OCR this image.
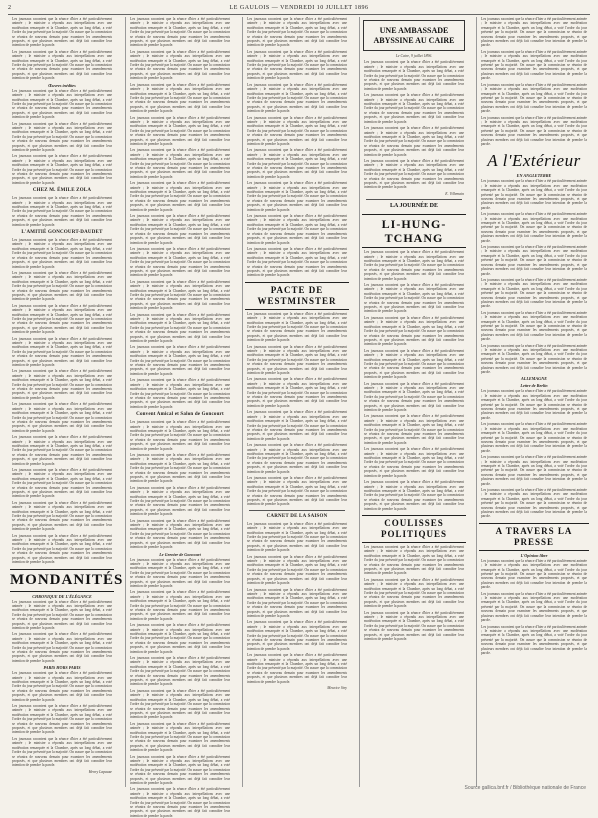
2	LE GAULOIS — VENDREDI 10 JUILLET 1896

Les journaux racontent que la séance d'hier a été particulièrement animée ; le ministre a répondu aux interpellations avec une modération remarquée et la Chambre, après un long débat, a voté l'ordre du jour présenté par la majorité. On assure que la commission se réunira de nouveau demain pour examiner les amendements proposés, et que plusieurs membres ont déjà fait connaître leur intention de prendre la parole.

Les journaux racontent que la séance d'hier a été particulièrement animée ; le ministre a répondu aux interpellations avec une modération remarquée et la Chambre, après un long débat, a voté l'ordre du jour présenté par la majorité. On assure que la commission se réunira de nouveau demain pour examiner les amendements proposés, et que plusieurs membres ont déjà fait connaître leur intention de prendre la parole.

Œuvres inédites

Les journaux racontent que la séance d'hier a été particulièrement animée ; le ministre a répondu aux interpellations avec une modération remarquée et la Chambre, après un long débat, a voté l'ordre du jour présenté par la majorité. On assure que la commission se réunira de nouveau demain pour examiner les amendements proposés, et que plusieurs membres ont déjà fait connaître leur intention de prendre la parole.

Les journaux racontent que la séance d'hier a été particulièrement animée ; le ministre a répondu aux interpellations avec une modération remarquée et la Chambre, après un long débat, a voté l'ordre du jour présenté par la majorité. On assure que la commission se réunira de nouveau demain pour examiner les amendements proposés, et que plusieurs membres ont déjà fait connaître leur intention de prendre la parole.

Les journaux racontent que la séance d'hier a été particulièrement animée ; le ministre a répondu aux interpellations avec une modération remarquée et la Chambre, après un long débat, a voté l'ordre du jour présenté par la majorité. On assure que la commission se réunira de nouveau demain pour examiner les amendements proposés, et que plusieurs membres ont déjà fait connaître leur intention de prendre la parole.

CHEZ M. ÉMILE ZOLA

Les journaux racontent que la séance d'hier a été particulièrement animée ; le ministre a répondu aux interpellations avec une modération remarquée et la Chambre, après un long débat, a voté l'ordre du jour présenté par la majorité. On assure que la commission se réunira de nouveau demain pour examiner les amendements proposés, et que plusieurs membres ont déjà fait connaître leur intention de prendre la parole.

L'AMITIÉ GONCOURT-DAUDET

Les journaux racontent que la séance d'hier a été particulièrement animée ; le ministre a répondu aux interpellations avec une modération remarquée et la Chambre, après un long débat, a voté l'ordre du jour présenté par la majorité. On assure que la commission se réunira de nouveau demain pour examiner les amendements proposés, et que plusieurs membres ont déjà fait connaître leur intention de prendre la parole.

Les journaux racontent que la séance d'hier a été particulièrement animée ; le ministre a répondu aux interpellations avec une modération remarquée et la Chambre, après un long débat, a voté l'ordre du jour présenté par la majorité. On assure que la commission se réunira de nouveau demain pour examiner les amendements proposés, et que plusieurs membres ont déjà fait connaître leur intention de prendre la parole.

Les journaux racontent que la séance d'hier a été particulièrement animée ; le ministre a répondu aux interpellations avec une modération remarquée et la Chambre, après un long débat, a voté l'ordre du jour présenté par la majorité. On assure que la commission se réunira de nouveau demain pour examiner les amendements proposés, et que plusieurs membres ont déjà fait connaître leur intention de prendre la parole.

Les journaux racontent que la séance d'hier a été particulièrement animée ; le ministre a répondu aux interpellations avec une modération remarquée et la Chambre, après un long débat, a voté l'ordre du jour présenté par la majorité. On assure que la commission se réunira de nouveau demain pour examiner les amendements proposés, et que plusieurs membres ont déjà fait connaître leur intention de prendre la parole.

Les journaux racontent que la séance d'hier a été particulièrement animée ; le ministre a répondu aux interpellations avec une modération remarquée et la Chambre, après un long débat, a voté l'ordre du jour présenté par la majorité. On assure que la commission se réunira de nouveau demain pour examiner les amendements proposés, et que plusieurs membres ont déjà fait connaître leur intention de prendre la parole.

Les journaux racontent que la séance d'hier a été particulièrement animée ; le ministre a répondu aux interpellations avec une modération remarquée et la Chambre, après un long débat, a voté l'ordre du jour présenté par la majorité. On assure que la commission se réunira de nouveau demain pour examiner les amendements proposés, et que plusieurs membres ont déjà fait connaître leur intention de prendre la parole.

Les journaux racontent que la séance d'hier a été particulièrement animée ; le ministre a répondu aux interpellations avec une modération remarquée et la Chambre, après un long débat, a voté l'ordre du jour présenté par la majorité. On assure que la commission se réunira de nouveau demain pour examiner les amendements proposés, et que plusieurs membres ont déjà fait connaître leur intention de prendre la parole.

Les journaux racontent que la séance d'hier a été particulièrement animée ; le ministre a répondu aux interpellations avec une modération remarquée et la Chambre, après un long débat, a voté l'ordre du jour présenté par la majorité. On assure que la commission se réunira de nouveau demain pour examiner les amendements proposés, et que plusieurs membres ont déjà fait connaître leur intention de prendre la parole.

Les journaux racontent que la séance d'hier a été particulièrement animée ; le ministre a répondu aux interpellations avec une modération remarquée et la Chambre, après un long débat, a voté l'ordre du jour présenté par la majorité. On assure que la commission se réunira de nouveau demain pour examiner les amendements proposés, et que plusieurs membres ont déjà fait connaître leur intention de prendre la parole.

Les journaux racontent que la séance d'hier a été particulièrement animée ; le ministre a répondu aux interpellations avec une modération remarquée et la Chambre, après un long débat, a voté l'ordre du jour présenté par la majorité. On assure que la commission se réunira de nouveau demain pour examiner les amendements proposés, et que plusieurs membres ont déjà fait connaître leur intention de prendre la parole.

MONDANITÉS
CHRONIQUE DE L'ÉLÉGANCE

Les journaux racontent que la séance d'hier a été particulièrement animée ; le ministre a répondu aux interpellations avec une modération remarquée et la Chambre, après un long débat, a voté l'ordre du jour présenté par la majorité. On assure que la commission se réunira de nouveau demain pour examiner les amendements proposés, et que plusieurs membres ont déjà fait connaître leur intention de prendre la parole.

Les journaux racontent que la séance d'hier a été particulièrement animée ; le ministre a répondu aux interpellations avec une modération remarquée et la Chambre, après un long débat, a voté l'ordre du jour présenté par la majorité. On assure que la commission se réunira de nouveau demain pour examiner les amendements proposés, et que plusieurs membres ont déjà fait connaître leur intention de prendre la parole.

PARIS HORS PARIS

Les journaux racontent que la séance d'hier a été particulièrement animée ; le ministre a répondu aux interpellations avec une modération remarquée et la Chambre, après un long débat, a voté l'ordre du jour présenté par la majorité. On assure que la commission se réunira de nouveau demain pour examiner les amendements proposés, et que plusieurs membres ont déjà fait connaître leur intention de prendre la parole.

Les journaux racontent que la séance d'hier a été particulièrement animée ; le ministre a répondu aux interpellations avec une modération remarquée et la Chambre, après un long débat, a voté l'ordre du jour présenté par la majorité. On assure que la commission se réunira de nouveau demain pour examiner les amendements proposés, et que plusieurs membres ont déjà fait connaître leur intention de prendre la parole.

Les journaux racontent que la séance d'hier a été particulièrement animée ; le ministre a répondu aux interpellations avec une modération remarquée et la Chambre, après un long débat, a voté l'ordre du jour présenté par la majorité. On assure que la commission se réunira de nouveau demain pour examiner les amendements proposés, et que plusieurs membres ont déjà fait connaître leur intention de prendre la parole.

Henry Lapauze

Les journaux racontent que la séance d'hier a été particulièrement animée ; le ministre a répondu aux interpellations avec une modération remarquée et la Chambre, après un long débat, a voté l'ordre du jour présenté par la majorité. On assure que la commission se réunira de nouveau demain pour examiner les amendements proposés, et que plusieurs membres ont déjà fait connaître leur intention de prendre la parole.

Les journaux racontent que la séance d'hier a été particulièrement animée ; le ministre a répondu aux interpellations avec une modération remarquée et la Chambre, après un long débat, a voté l'ordre du jour présenté par la majorité. On assure que la commission se réunira de nouveau demain pour examiner les amendements proposés, et que plusieurs membres ont déjà fait connaître leur intention de prendre la parole.

Les journaux racontent que la séance d'hier a été particulièrement animée ; le ministre a répondu aux interpellations avec une modération remarquée et la Chambre, après un long débat, a voté l'ordre du jour présenté par la majorité. On assure que la commission se réunira de nouveau demain pour examiner les amendements proposés, et que plusieurs membres ont déjà fait connaître leur intention de prendre la parole.

Les journaux racontent que la séance d'hier a été particulièrement animée ; le ministre a répondu aux interpellations avec une modération remarquée et la Chambre, après un long débat, a voté l'ordre du jour présenté par la majorité. On assure que la commission se réunira de nouveau demain pour examiner les amendements proposés, et que plusieurs membres ont déjà fait connaître leur intention de prendre la parole.

Les journaux racontent que la séance d'hier a été particulièrement animée ; le ministre a répondu aux interpellations avec une modération remarquée et la Chambre, après un long débat, a voté l'ordre du jour présenté par la majorité. On assure que la commission se réunira de nouveau demain pour examiner les amendements proposés, et que plusieurs membres ont déjà fait connaître leur intention de prendre la parole.

Les journaux racontent que la séance d'hier a été particulièrement animée ; le ministre a répondu aux interpellations avec une modération remarquée et la Chambre, après un long débat, a voté l'ordre du jour présenté par la majorité. On assure que la commission se réunira de nouveau demain pour examiner les amendements proposés, et que plusieurs membres ont déjà fait connaître leur intention de prendre la parole.

Les journaux racontent que la séance d'hier a été particulièrement animée ; le ministre a répondu aux interpellations avec une modération remarquée et la Chambre, après un long débat, a voté l'ordre du jour présenté par la majorité. On assure que la commission se réunira de nouveau demain pour examiner les amendements proposés, et que plusieurs membres ont déjà fait connaître leur intention de prendre la parole.

Les journaux racontent que la séance d'hier a été particulièrement animée ; le ministre a répondu aux interpellations avec une modération remarquée et la Chambre, après un long débat, a voté l'ordre du jour présenté par la majorité. On assure que la commission se réunira de nouveau demain pour examiner les amendements proposés, et que plusieurs membres ont déjà fait connaître leur intention de prendre la parole.

Les journaux racontent que la séance d'hier a été particulièrement animée ; le ministre a répondu aux interpellations avec une modération remarquée et la Chambre, après un long débat, a voté l'ordre du jour présenté par la majorité. On assure que la commission se réunira de nouveau demain pour examiner les amendements proposés, et que plusieurs membres ont déjà fait connaître leur intention de prendre la parole.

Les journaux racontent que la séance d'hier a été particulièrement animée ; le ministre a répondu aux interpellations avec une modération remarquée et la Chambre, après un long débat, a voté l'ordre du jour présenté par la majorité. On assure que la commission se réunira de nouveau demain pour examiner les amendements proposés, et que plusieurs membres ont déjà fait connaître leur intention de prendre la parole.

Les journaux racontent que la séance d'hier a été particulièrement animée ; le ministre a répondu aux interpellations avec une modération remarquée et la Chambre, après un long débat, a voté l'ordre du jour présenté par la majorité. On assure que la commission se réunira de nouveau demain pour examiner les amendements proposés, et que plusieurs membres ont déjà fait connaître leur intention de prendre la parole.

Les journaux racontent que la séance d'hier a été particulièrement animée ; le ministre a répondu aux interpellations avec une modération remarquée et la Chambre, après un long débat, a voté l'ordre du jour présenté par la majorité. On assure que la commission se réunira de nouveau demain pour examiner les amendements proposés, et que plusieurs membres ont déjà fait connaître leur intention de prendre la parole.

Convent Amical et Salon de Goncourt

Les journaux racontent que la séance d'hier a été particulièrement animée ; le ministre a répondu aux interpellations avec une modération remarquée et la Chambre, après un long débat, a voté l'ordre du jour présenté par la majorité. On assure que la commission se réunira de nouveau demain pour examiner les amendements proposés, et que plusieurs membres ont déjà fait connaître leur intention de prendre la parole.

Les journaux racontent que la séance d'hier a été particulièrement animée ; le ministre a répondu aux interpellations avec une modération remarquée et la Chambre, après un long débat, a voté l'ordre du jour présenté par la majorité. On assure que la commission se réunira de nouveau demain pour examiner les amendements proposés, et que plusieurs membres ont déjà fait connaître leur intention de prendre la parole.

Les journaux racontent que la séance d'hier a été particulièrement animée ; le ministre a répondu aux interpellations avec une modération remarquée et la Chambre, après un long débat, a voté l'ordre du jour présenté par la majorité. On assure que la commission se réunira de nouveau demain pour examiner les amendements proposés, et que plusieurs membres ont déjà fait connaître leur intention de prendre la parole.

Les journaux racontent que la séance d'hier a été particulièrement animée ; le ministre a répondu aux interpellations avec une modération remarquée et la Chambre, après un long débat, a voté l'ordre du jour présenté par la majorité. On assure que la commission se réunira de nouveau demain pour examiner les amendements proposés, et que plusieurs membres ont déjà fait connaître leur intention de prendre la parole.

Le Grenier de Goncourt

Les journaux racontent que la séance d'hier a été particulièrement animée ; le ministre a répondu aux interpellations avec une modération remarquée et la Chambre, après un long débat, a voté l'ordre du jour présenté par la majorité. On assure que la commission se réunira de nouveau demain pour examiner les amendements proposés, et que plusieurs membres ont déjà fait connaître leur intention de prendre la parole.

Les journaux racontent que la séance d'hier a été particulièrement animée ; le ministre a répondu aux interpellations avec une modération remarquée et la Chambre, après un long débat, a voté l'ordre du jour présenté par la majorité. On assure que la commission se réunira de nouveau demain pour examiner les amendements proposés, et que plusieurs membres ont déjà fait connaître leur intention de prendre la parole.

Les journaux racontent que la séance d'hier a été particulièrement animée ; le ministre a répondu aux interpellations avec une modération remarquée et la Chambre, après un long débat, a voté l'ordre du jour présenté par la majorité. On assure que la commission se réunira de nouveau demain pour examiner les amendements proposés, et que plusieurs membres ont déjà fait connaître leur intention de prendre la parole.

Les journaux racontent que la séance d'hier a été particulièrement animée ; le ministre a répondu aux interpellations avec une modération remarquée et la Chambre, après un long débat, a voté l'ordre du jour présenté par la majorité. On assure que la commission se réunira de nouveau demain pour examiner les amendements proposés, et que plusieurs membres ont déjà fait connaître leur intention de prendre la parole.

Les journaux racontent que la séance d'hier a été particulièrement animée ; le ministre a répondu aux interpellations avec une modération remarquée et la Chambre, après un long débat, a voté l'ordre du jour présenté par la majorité. On assure que la commission se réunira de nouveau demain pour examiner les amendements proposés, et que plusieurs membres ont déjà fait connaître leur intention de prendre la parole.

Les journaux racontent que la séance d'hier a été particulièrement animée ; le ministre a répondu aux interpellations avec une modération remarquée et la Chambre, après un long débat, a voté l'ordre du jour présenté par la majorité. On assure que la commission se réunira de nouveau demain pour examiner les amendements proposés, et que plusieurs membres ont déjà fait connaître leur intention de prendre la parole.

Les journaux racontent que la séance d'hier a été particulièrement animée ; le ministre a répondu aux interpellations avec une modération remarquée et la Chambre, après un long débat, a voté l'ordre du jour présenté par la majorité. On assure que la commission se réunira de nouveau demain pour examiner les amendements proposés, et que plusieurs membres ont déjà fait connaître leur intention de prendre la parole.

Les journaux racontent que la séance d'hier a été particulièrement animée ; le ministre a répondu aux interpellations avec une modération remarquée et la Chambre, après un long débat, a voté l'ordre du jour présenté par la majorité. On assure que la commission se réunira de nouveau demain pour examiner les amendements proposés, et que plusieurs membres ont déjà fait connaître leur intention de prendre la parole.

Les journaux racontent que la séance d'hier a été particulièrement animée ; le ministre a répondu aux interpellations avec une modération remarquée et la Chambre, après un long débat, a voté l'ordre du jour présenté par la majorité. On assure que la commission se réunira de nouveau demain pour examiner les amendements proposés, et que plusieurs membres ont déjà fait connaître leur intention de prendre la parole.

Les journaux racontent que la séance d'hier a été particulièrement animée ; le ministre a répondu aux interpellations avec une modération remarquée et la Chambre, après un long débat, a voté l'ordre du jour présenté par la majorité. On assure que la commission se réunira de nouveau demain pour examiner les amendements proposés, et que plusieurs membres ont déjà fait connaître leur intention de prendre la parole.

Les journaux racontent que la séance d'hier a été particulièrement animée ; le ministre a répondu aux interpellations avec une modération remarquée et la Chambre, après un long débat, a voté l'ordre du jour présenté par la majorité. On assure que la commission se réunira de nouveau demain pour examiner les amendements proposés, et que plusieurs membres ont déjà fait connaître leur intention de prendre la parole.

Les journaux racontent que la séance d'hier a été particulièrement animée ; le ministre a répondu aux interpellations avec une modération remarquée et la Chambre, après un long débat, a voté l'ordre du jour présenté par la majorité. On assure que la commission se réunira de nouveau demain pour examiner les amendements proposés, et que plusieurs membres ont déjà fait connaître leur intention de prendre la parole.

Les journaux racontent que la séance d'hier a été particulièrement animée ; le ministre a répondu aux interpellations avec une modération remarquée et la Chambre, après un long débat, a voté l'ordre du jour présenté par la majorité. On assure que la commission se réunira de nouveau demain pour examiner les amendements proposés, et que plusieurs membres ont déjà fait connaître leur intention de prendre la parole.

Les journaux racontent que la séance d'hier a été particulièrement animée ; le ministre a répondu aux interpellations avec une modération remarquée et la Chambre, après un long débat, a voté l'ordre du jour présenté par la majorité. On assure que la commission se réunira de nouveau demain pour examiner les amendements proposés, et que plusieurs membres ont déjà fait connaître leur intention de prendre la parole.

Les journaux racontent que la séance d'hier a été particulièrement animée ; le ministre a répondu aux interpellations avec une modération remarquée et la Chambre, après un long débat, a voté l'ordre du jour présenté par la majorité. On assure que la commission se réunira de nouveau demain pour examiner les amendements proposés, et que plusieurs membres ont déjà fait connaître leur intention de prendre la parole.

Les journaux racontent que la séance d'hier a été particulièrement animée ; le ministre a répondu aux interpellations avec une modération remarquée et la Chambre, après un long débat, a voté l'ordre du jour présenté par la majorité. On assure que la commission se réunira de nouveau demain pour examiner les amendements proposés, et que plusieurs membres ont déjà fait connaître leur intention de prendre la parole.

PACTE DE WESTMINSTER

Les journaux racontent que la séance d'hier a été particulièrement animée ; le ministre a répondu aux interpellations avec une modération remarquée et la Chambre, après un long débat, a voté l'ordre du jour présenté par la majorité. On assure que la commission se réunira de nouveau demain pour examiner les amendements proposés, et que plusieurs membres ont déjà fait connaître leur intention de prendre la parole.

Les journaux racontent que la séance d'hier a été particulièrement animée ; le ministre a répondu aux interpellations avec une modération remarquée et la Chambre, après un long débat, a voté l'ordre du jour présenté par la majorité. On assure que la commission se réunira de nouveau demain pour examiner les amendements proposés, et que plusieurs membres ont déjà fait connaître leur intention de prendre la parole.

Les journaux racontent que la séance d'hier a été particulièrement animée ; le ministre a répondu aux interpellations avec une modération remarquée et la Chambre, après un long débat, a voté l'ordre du jour présenté par la majorité. On assure que la commission se réunira de nouveau demain pour examiner les amendements proposés, et que plusieurs membres ont déjà fait connaître leur intention de prendre la parole.

Les journaux racontent que la séance d'hier a été particulièrement animée ; le ministre a répondu aux interpellations avec une modération remarquée et la Chambre, après un long débat, a voté l'ordre du jour présenté par la majorité. On assure que la commission se réunira de nouveau demain pour examiner les amendements proposés, et que plusieurs membres ont déjà fait connaître leur intention de prendre la parole.

Les journaux racontent que la séance d'hier a été particulièrement animée ; le ministre a répondu aux interpellations avec une modération remarquée et la Chambre, après un long débat, a voté l'ordre du jour présenté par la majorité. On assure que la commission se réunira de nouveau demain pour examiner les amendements proposés, et que plusieurs membres ont déjà fait connaître leur intention de prendre la parole.

Les journaux racontent que la séance d'hier a été particulièrement animée ; le ministre a répondu aux interpellations avec une modération remarquée et la Chambre, après un long débat, a voté l'ordre du jour présenté par la majorité. On assure que la commission se réunira de nouveau demain pour examiner les amendements proposés, et que plusieurs membres ont déjà fait connaître leur intention de prendre la parole.

CARNET DE LA SAISON

Les journaux racontent que la séance d'hier a été particulièrement animée ; le ministre a répondu aux interpellations avec une modération remarquée et la Chambre, après un long débat, a voté l'ordre du jour présenté par la majorité. On assure que la commission se réunira de nouveau demain pour examiner les amendements proposés, et que plusieurs membres ont déjà fait connaître leur intention de prendre la parole.

Les journaux racontent que la séance d'hier a été particulièrement animée ; le ministre a répondu aux interpellations avec une modération remarquée et la Chambre, après un long débat, a voté l'ordre du jour présenté par la majorité. On assure que la commission se réunira de nouveau demain pour examiner les amendements proposés, et que plusieurs membres ont déjà fait connaître leur intention de prendre la parole.

Les journaux racontent que la séance d'hier a été particulièrement animée ; le ministre a répondu aux interpellations avec une modération remarquée et la Chambre, après un long débat, a voté l'ordre du jour présenté par la majorité. On assure que la commission se réunira de nouveau demain pour examiner les amendements proposés, et que plusieurs membres ont déjà fait connaître leur intention de prendre la parole.

Les journaux racontent que la séance d'hier a été particulièrement animée ; le ministre a répondu aux interpellations avec une modération remarquée et la Chambre, après un long débat, a voté l'ordre du jour présenté par la majorité. On assure que la commission se réunira de nouveau demain pour examiner les amendements proposés, et que plusieurs membres ont déjà fait connaître leur intention de prendre la parole.

Les journaux racontent que la séance d'hier a été particulièrement animée ; le ministre a répondu aux interpellations avec une modération remarquée et la Chambre, après un long débat, a voté l'ordre du jour présenté par la majorité. On assure que la commission se réunira de nouveau demain pour examiner les amendements proposés, et que plusieurs membres ont déjà fait connaître leur intention de prendre la parole.

Meurice Stry

UNE AMBASSADE ABYSSINE AU CAIRE

Le Caire, 9 juillet 1896.

Les journaux racontent que la séance d'hier a été particulièrement animée ; le ministre a répondu aux interpellations avec une modération remarquée et la Chambre, après un long débat, a voté l'ordre du jour présenté par la majorité. On assure que la commission se réunira de nouveau demain pour examiner les amendements proposés, et que plusieurs membres ont déjà fait connaître leur intention de prendre la parole.

Les journaux racontent que la séance d'hier a été particulièrement animée ; le ministre a répondu aux interpellations avec une modération remarquée et la Chambre, après un long débat, a voté l'ordre du jour présenté par la majorité. On assure que la commission se réunira de nouveau demain pour examiner les amendements proposés, et que plusieurs membres ont déjà fait connaître leur intention de prendre la parole.

Les journaux racontent que la séance d'hier a été particulièrement animée ; le ministre a répondu aux interpellations avec une modération remarquée et la Chambre, après un long débat, a voté l'ordre du jour présenté par la majorité. On assure que la commission se réunira de nouveau demain pour examiner les amendements proposés, et que plusieurs membres ont déjà fait connaître leur intention de prendre la parole.

Les journaux racontent que la séance d'hier a été particulièrement animée ; le ministre a répondu aux interpellations avec une modération remarquée et la Chambre, après un long débat, a voté l'ordre du jour présenté par la majorité. On assure que la commission se réunira de nouveau demain pour examiner les amendements proposés, et que plusieurs membres ont déjà fait connaître leur intention de prendre la parole.

E. Villemain

LA JOURNÉE DE
LI-HUNG-TCHANG

Les journaux racontent que la séance d'hier a été particulièrement animée ; le ministre a répondu aux interpellations avec une modération remarquée et la Chambre, après un long débat, a voté l'ordre du jour présenté par la majorité. On assure que la commission se réunira de nouveau demain pour examiner les amendements proposés, et que plusieurs membres ont déjà fait connaître leur intention de prendre la parole.

Les journaux racontent que la séance d'hier a été particulièrement animée ; le ministre a répondu aux interpellations avec une modération remarquée et la Chambre, après un long débat, a voté l'ordre du jour présenté par la majorité. On assure que la commission se réunira de nouveau demain pour examiner les amendements proposés, et que plusieurs membres ont déjà fait connaître leur intention de prendre la parole.

Les journaux racontent que la séance d'hier a été particulièrement animée ; le ministre a répondu aux interpellations avec une modération remarquée et la Chambre, après un long débat, a voté l'ordre du jour présenté par la majorité. On assure que la commission se réunira de nouveau demain pour examiner les amendements proposés, et que plusieurs membres ont déjà fait connaître leur intention de prendre la parole.

Les journaux racontent que la séance d'hier a été particulièrement animée ; le ministre a répondu aux interpellations avec une modération remarquée et la Chambre, après un long débat, a voté l'ordre du jour présenté par la majorité. On assure que la commission se réunira de nouveau demain pour examiner les amendements proposés, et que plusieurs membres ont déjà fait connaître leur intention de prendre la parole.

Les journaux racontent que la séance d'hier a été particulièrement animée ; le ministre a répondu aux interpellations avec une modération remarquée et la Chambre, après un long débat, a voté l'ordre du jour présenté par la majorité. On assure que la commission se réunira de nouveau demain pour examiner les amendements proposés, et que plusieurs membres ont déjà fait connaître leur intention de prendre la parole.

Les journaux racontent que la séance d'hier a été particulièrement animée ; le ministre a répondu aux interpellations avec une modération remarquée et la Chambre, après un long débat, a voté l'ordre du jour présenté par la majorité. On assure que la commission se réunira de nouveau demain pour examiner les amendements proposés, et que plusieurs membres ont déjà fait connaître leur intention de prendre la parole.

Les journaux racontent que la séance d'hier a été particulièrement animée ; le ministre a répondu aux interpellations avec une modération remarquée et la Chambre, après un long débat, a voté l'ordre du jour présenté par la majorité. On assure que la commission se réunira de nouveau demain pour examiner les amendements proposés, et que plusieurs membres ont déjà fait connaître leur intention de prendre la parole.

Les journaux racontent que la séance d'hier a été particulièrement animée ; le ministre a répondu aux interpellations avec une modération remarquée et la Chambre, après un long débat, a voté l'ordre du jour présenté par la majorité. On assure que la commission se réunira de nouveau demain pour examiner les amendements proposés, et que plusieurs membres ont déjà fait connaître leur intention de prendre la parole.

COULISSES POLITIQUES

Les journaux racontent que la séance d'hier a été particulièrement animée ; le ministre a répondu aux interpellations avec une modération remarquée et la Chambre, après un long débat, a voté l'ordre du jour présenté par la majorité. On assure que la commission se réunira de nouveau demain pour examiner les amendements proposés, et que plusieurs membres ont déjà fait connaître leur intention de prendre la parole.

Les journaux racontent que la séance d'hier a été particulièrement animée ; le ministre a répondu aux interpellations avec une modération remarquée et la Chambre, après un long débat, a voté l'ordre du jour présenté par la majorité. On assure que la commission se réunira de nouveau demain pour examiner les amendements proposés, et que plusieurs membres ont déjà fait connaître leur intention de prendre la parole.

Les journaux racontent que la séance d'hier a été particulièrement animée ; le ministre a répondu aux interpellations avec une modération remarquée et la Chambre, après un long débat, a voté l'ordre du jour présenté par la majorité. On assure que la commission se réunira de nouveau demain pour examiner les amendements proposés, et que plusieurs membres ont déjà fait connaître leur intention de prendre la parole.

Les journaux racontent que la séance d'hier a été particulièrement animée ; le ministre a répondu aux interpellations avec une modération remarquée et la Chambre, après un long débat, a voté l'ordre du jour présenté par la majorité. On assure que la commission se réunira de nouveau demain pour examiner les amendements proposés, et que plusieurs membres ont déjà fait connaître leur intention de prendre la parole.

Les journaux racontent que la séance d'hier a été particulièrement animée ; le ministre a répondu aux interpellations avec une modération remarquée et la Chambre, après un long débat, a voté l'ordre du jour présenté par la majorité. On assure que la commission se réunira de nouveau demain pour examiner les amendements proposés, et que plusieurs membres ont déjà fait connaître leur intention de prendre la parole.

Les journaux racontent que la séance d'hier a été particulièrement animée ; le ministre a répondu aux interpellations avec une modération remarquée et la Chambre, après un long débat, a voté l'ordre du jour présenté par la majorité. On assure que la commission se réunira de nouveau demain pour examiner les amendements proposés, et que plusieurs membres ont déjà fait connaître leur intention de prendre la parole.

Les journaux racontent que la séance d'hier a été particulièrement animée ; le ministre a répondu aux interpellations avec une modération remarquée et la Chambre, après un long débat, a voté l'ordre du jour présenté par la majorité. On assure que la commission se réunira de nouveau demain pour examiner les amendements proposés, et que plusieurs membres ont déjà fait connaître leur intention de prendre la parole.

A l'Extérieur
EN ANGLETERRE

Les journaux racontent que la séance d'hier a été particulièrement animée ; le ministre a répondu aux interpellations avec une modération remarquée et la Chambre, après un long débat, a voté l'ordre du jour présenté par la majorité. On assure que la commission se réunira de nouveau demain pour examiner les amendements proposés, et que plusieurs membres ont déjà fait connaître leur intention de prendre la parole.

Les journaux racontent que la séance d'hier a été particulièrement animée ; le ministre a répondu aux interpellations avec une modération remarquée et la Chambre, après un long débat, a voté l'ordre du jour présenté par la majorité. On assure que la commission se réunira de nouveau demain pour examiner les amendements proposés, et que plusieurs membres ont déjà fait connaître leur intention de prendre la parole.

Les journaux racontent que la séance d'hier a été particulièrement animée ; le ministre a répondu aux interpellations avec une modération remarquée et la Chambre, après un long débat, a voté l'ordre du jour présenté par la majorité. On assure que la commission se réunira de nouveau demain pour examiner les amendements proposés, et que plusieurs membres ont déjà fait connaître leur intention de prendre la parole.

Les journaux racontent que la séance d'hier a été particulièrement animée ; le ministre a répondu aux interpellations avec une modération remarquée et la Chambre, après un long débat, a voté l'ordre du jour présenté par la majorité. On assure que la commission se réunira de nouveau demain pour examiner les amendements proposés, et que plusieurs membres ont déjà fait connaître leur intention de prendre la parole.

Les journaux racontent que la séance d'hier a été particulièrement animée ; le ministre a répondu aux interpellations avec une modération remarquée et la Chambre, après un long débat, a voté l'ordre du jour présenté par la majorité. On assure que la commission se réunira de nouveau demain pour examiner les amendements proposés, et que plusieurs membres ont déjà fait connaître leur intention de prendre la parole.

Les journaux racontent que la séance d'hier a été particulièrement animée ; le ministre a répondu aux interpellations avec une modération remarquée et la Chambre, après un long débat, a voté l'ordre du jour présenté par la majorité. On assure que la commission se réunira de nouveau demain pour examiner les amendements proposés, et que plusieurs membres ont déjà fait connaître leur intention de prendre la parole.

ALLEMAGNE
Lettre de Berlin

Les journaux racontent que la séance d'hier a été particulièrement animée ; le ministre a répondu aux interpellations avec une modération remarquée et la Chambre, après un long débat, a voté l'ordre du jour présenté par la majorité. On assure que la commission se réunira de nouveau demain pour examiner les amendements proposés, et que plusieurs membres ont déjà fait connaître leur intention de prendre la parole.

Les journaux racontent que la séance d'hier a été particulièrement animée ; le ministre a répondu aux interpellations avec une modération remarquée et la Chambre, après un long débat, a voté l'ordre du jour présenté par la majorité. On assure que la commission se réunira de nouveau demain pour examiner les amendements proposés, et que plusieurs membres ont déjà fait connaître leur intention de prendre la parole.

Les journaux racontent que la séance d'hier a été particulièrement animée ; le ministre a répondu aux interpellations avec une modération remarquée et la Chambre, après un long débat, a voté l'ordre du jour présenté par la majorité. On assure que la commission se réunira de nouveau demain pour examiner les amendements proposés, et que plusieurs membres ont déjà fait connaître leur intention de prendre la parole.

Les journaux racontent que la séance d'hier a été particulièrement animée ; le ministre a répondu aux interpellations avec une modération remarquée et la Chambre, après un long débat, a voté l'ordre du jour présenté par la majorité. On assure que la commission se réunira de nouveau demain pour examiner les amendements proposés, et que plusieurs membres ont déjà fait connaître leur intention de prendre la parole.

A TRAVERS LA PRESSE
L'Opinion libre

Les journaux racontent que la séance d'hier a été particulièrement animée ; le ministre a répondu aux interpellations avec une modération remarquée et la Chambre, après un long débat, a voté l'ordre du jour présenté par la majorité. On assure que la commission se réunira de nouveau demain pour examiner les amendements proposés, et que plusieurs membres ont déjà fait connaître leur intention de prendre la parole.

Les journaux racontent que la séance d'hier a été particulièrement animée ; le ministre a répondu aux interpellations avec une modération remarquée et la Chambre, après un long débat, a voté l'ordre du jour présenté par la majorité. On assure que la commission se réunira de nouveau demain pour examiner les amendements proposés, et que plusieurs membres ont déjà fait connaître leur intention de prendre la parole.

Les journaux racontent que la séance d'hier a été particulièrement animée ; le ministre a répondu aux interpellations avec une modération remarquée et la Chambre, après un long débat, a voté l'ordre du jour présenté par la majorité. On assure que la commission se réunira de nouveau demain pour examiner les amendements proposés, et que plusieurs membres ont déjà fait connaître leur intention de prendre la parole.

Source gallica.bnf.fr / Bibliothèque nationale de France
